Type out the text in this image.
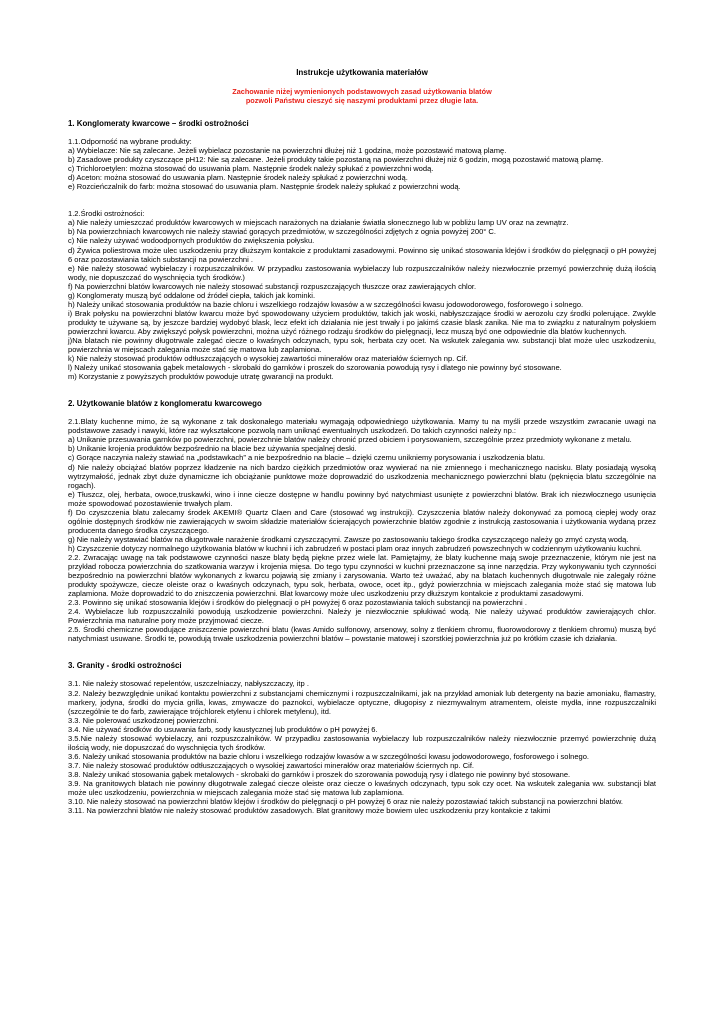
Instrukcje użytkowania materiałów
Zachowanie niżej wymienionych podstawowych zasad użytkowania blatów
pozwoli Państwu cieszyć się naszymi produktami przez długie lata.
1. Konglomeraty kwarcowe – środki ostrożności
1.1.Odporność na wybrane produkty:
a) Wybielacze: Nie są zalecane. Jeżeli wybielacz pozostanie na powierzchni dłużej niż 1 godzina, może pozostawić matową plamę.
b) Zasadowe produkty czyszczące pH12: Nie są zalecane. Jeżeli produkty takie pozostaną na powierzchni dłużej niż 6 godzin, mogą pozostawić matową plamę.
c) Trichloroetylen: można stosować do usuwania plam. Następnie środek należy spłukać z powierzchni wodą.
d) Aceton: można stosować do usuwania plam. Następnie środek należy spłukać z powierzchni wodą.
e) Rozcieńczalnik do farb: można stosować do usuwania plam. Następnie środek należy spłukać z powierzchni wodą.
1.2.Środki ostrożności:
a) Nie należy umieszczać produktów kwarcowych w miejscach narażonych na działanie światła słonecznego lub w pobliżu lamp UV oraz na zewnątrz.
b) Na powierzchniach kwarcowych nie należy stawiać gorących przedmiotów, w szczególności zdjętych z ognia powyżej 200° C.
c) Nie należy używać wodoodpornych produktów do zwiększenia połysku.
d) Żywica poliestrowa może ulec uszkodzeniu przy dłuższym kontakcie z produktami zasadowymi. Powinno się unikać stosowania klejów i środków do pielęgnacji o pH powyżej 6 oraz pozostawiania takich substancji na powierzchni .
e) Nie należy stosować wybielaczy i rozpuszczalników. W przypadku zastosowania wybielaczy lub rozpuszczalników należy niezwłocznie przemyć powierzchnię dużą ilością wody, nie dopuszczać do wyschnięcia tych środków.)
f) Na powierzchni blatów kwarcowych nie należy stosować substancji rozpuszczających tłuszcze oraz zawierających chlor.
g) Konglomeraty muszą być oddalone od źródeł ciepła, takich jak kominki.
h) Należy unikać stosowania produktów na bazie chloru i wszelkiego rodzajów kwasów a w szczególności kwasu jodowodorowego, fosforowego i solnego.
i) Brak połysku na powierzchni blatów kwarcu może być spowodowany użyciem produktów, takich jak woski, nabłyszczające środki w aerozolu czy środki polerujące. Zwykle produkty te używane są, by jeszcze bardziej wydobyć blask, lecz efekt ich działania nie jest trwały i po jakimś czasie blask zanika. Nie ma to związku z naturalnym połyskiem powierzchni kwarcu. Aby zwiększyć połysk powierzchni, można użyć różnego rodzaju środków do pielęgnacji, lecz muszą być one odpowiednie dla blatów kuchennych.
j)Na blatach nie powinny długotrwale zalegać ciecze o kwaśnych odczynach, typu sok, herbata czy ocet. Na wskutek zalegania ww. substancji blat może ulec uszkodzeniu, powierzchnia w miejscach zalegania może stać się matowa lub zaplamiona.
k) Nie należy stosować produktów odtłuszczających o wysokiej zawartości minerałów oraz materiałów ściernych np. Cif.
l) Należy unikać stosowania gąbek metalowych - skrobaki do garnków i proszek do szorowania powodują rysy i dlatego nie powinny być stosowane.
m) Korzystanie z powyższych produktów powoduje utratę gwarancji na produkt.
2. Użytkowanie blatów z konglomeratu kwarcowego
2.1.Blaty kuchenne mimo, że są wykonane z tak doskonałego materiału wymagają odpowiedniego użytkowania. Mamy tu na myśli przede wszystkim zwracanie uwagi na podstawowe zasady i nawyki, które raz wykształcone pozwolą nam uniknąć ewentualnych uszkodzeń. Do takich czynności należy np.:
a) Unikanie przesuwania garnków po powierzchni, powierzchnie blatów należy chronić przed obiciem i porysowaniem, szczególnie przez przedmioty wykonane z metalu.
b) Unikanie krojenia produktów bezpośrednio na blacie bez używania specjalnej deski.
c) Gorące naczynia należy stawiać na „podstawkach” a nie bezpośrednio na blacie – dzięki czemu unikniemy porysowania i uszkodzenia blatu.
d) Nie należy obciążać blatów poprzez kładzenie na nich bardzo ciężkich przedmiotów oraz wywierać na nie zmiennego i mechanicznego nacisku. Blaty posiadają wysoką wytrzymałość, jednak zbyt duże dynamiczne ich obciążanie punktowe może doprowadzić do uszkodzenia mechanicznego powierzchni blatu (pęknięcia blatu szczególnie na rogach).
e) Tłuszcz, olej, herbata, owoce,truskawki, wino i inne ciecze dostępne w handlu powinny być natychmiast usunięte z powierzchni blatów. Brak ich niezwłocznego usunięcia może spowodować pozostawienie trwałych plam.
f) Do czyszczenia blatu zalecamy środek AKEMI® Quartz Claen and Care (stosować wg instrukcji). Czyszczenia blatów należy dokonywać za pomocą ciepłej wody oraz ogólnie dostępnych środków nie zawierających w swoim składzie materiałów ścierających powierzchnie blatów zgodnie z instrukcją zastosowania i użytkowania wydaną przez producenta danego środka czyszczącego.
g) Nie należy wystawiać blatów na długotrwałe narażenie środkami czyszczącymi. Zawsze po zastosowaniu takiego środka czyszczącego należy go zmyć czystą wodą.
h) Czyszczenie dotyczy normalnego użytkowania blatów w kuchni i ich zabrudzeń w postaci plam oraz innych zabrudzeń powszechnych w codziennym użytkowaniu kuchni.
2.2. Zwracając uwagę na tak podstawowe czynności nasze blaty będą piękne przez wiele lat. Pamiętajmy, że blaty kuchenne mają swoje przeznaczenie, którym nie jest na przykład robocza powierzchnia do szatkowania warzyw i krojenia mięsa. Do tego typu czynności w kuchni przeznaczone są inne narzędzia. Przy wykonywaniu tych czynności bezpośrednio na powierzchni blatów wykonanych z kwarcu pojawią się zmiany i zarysowania. Warto też uważać, aby na blatach kuchennych długotrwale nie zalegały różne produkty spożywcze, ciecze oleiste oraz o kwaśnych odczynach, typu sok, herbata, owoce, ocet itp., gdyż powierzchnia w miejscach zalegania może stać się matowa lub zaplamiona. Może doprowadzić to do zniszczenia powierzchni. Blat kwarcowy może ulec uszkodzeniu przy dłuższym kontakcie z produktami zasadowymi.
2.3. Powinno się unikać stosowania klejów i środków do pielęgnacji o pH powyżej 6 oraz pozostawiania takich substancji na powierzchni .
2.4. Wybielacze lub rozpuszczalniki powodują uszkodzenie powierzchni. Należy je niezwłocznie spłukiwać wodą. Nie należy używać produktów zawierających chlor. Powierzchnia ma naturalne pory może przyjmować ciecze.
2.5. Środki chemiczne powodujące zniszczenie powierzchni blatu (kwas Amido sulfonowy, arsenowy, solny z tlenkiem chromu, fluorowodorowy z tlenkiem chromu) muszą być natychmiast usuwane. Środki te, powodują trwałe uszkodzenia powierzchni blatów – powstanie matowej i szorstkiej powierzchnia już po krótkim czasie ich działania.
3. Granity - środki ostrożności
3.1. Nie należy stosować repelentów, uszczelniaczy, nabłyszczaczy, itp .
3.2. Należy bezwzględnie unikać kontaktu powierzchni z substancjami chemicznymi i rozpuszczalnikami, jak na przykład amoniak lub detergenty na bazie amoniaku, flamastry, markery, jodyna, środki do mycia grilla, kwas, zmywacze do paznokci, wybielacze optyczne, długopisy z niezmywalnym atramentem, oleiste mydła, inne rozpuszczalniki (szczególnie te do farb, zawierające trójchlorek etylenu i chlorek metylenu), itd.
3.3. Nie polerować uszkodzonej powierzchni.
3.4. Nie używać środków do usuwania farb, sody kaustycznej lub produktów o pH powyżej 6.
3.5.Nie należy stosować wybielaczy, ani rozpuszczalników. W przypadku zastosowania wybielaczy lub rozpuszczalników należy niezwłocznie przemyć powierzchnię dużą ilością wody, nie dopuszczać do wyschnięcia tych środków.
3.6. Należy unikać stosowania produktów na bazie chloru i wszelkiego rodzajów kwasów a w szczególności kwasu jodowodorowego, fosforowego i solnego.
3.7. Nie należy stosować produktów odtłuszczających o wysokiej zawartości minerałów oraz materiałów ściernych np. Cif.
3.8. Należy unikać stosowania gąbek metalowych - skrobaki do garnków i proszek do szorowania powodują rysy i dlatego nie powinny być stosowane.
3.9. Na granitowych blatach nie powinny długotrwale zalegać ciecze oleiste oraz ciecze o kwaśnych odczynach, typu sok czy ocet. Na wskutek zalegania ww. substancji blat może ulec uszkodzeniu, powierzchnia w miejscach zalegania może stać się matowa lub zaplamiona.
3.10. Nie należy stosować na powierzchni blatów klejów i środków do pielęgnacji o pH powyżej 6 oraz nie należy pozostawiać takich substancji na powierzchni blatów.
3.11. Na powierzchni blatów nie należy stosować produktów zasadowych. Blat granitowy może bowiem ulec uszkodzeniu przy kontakcie z takimi
